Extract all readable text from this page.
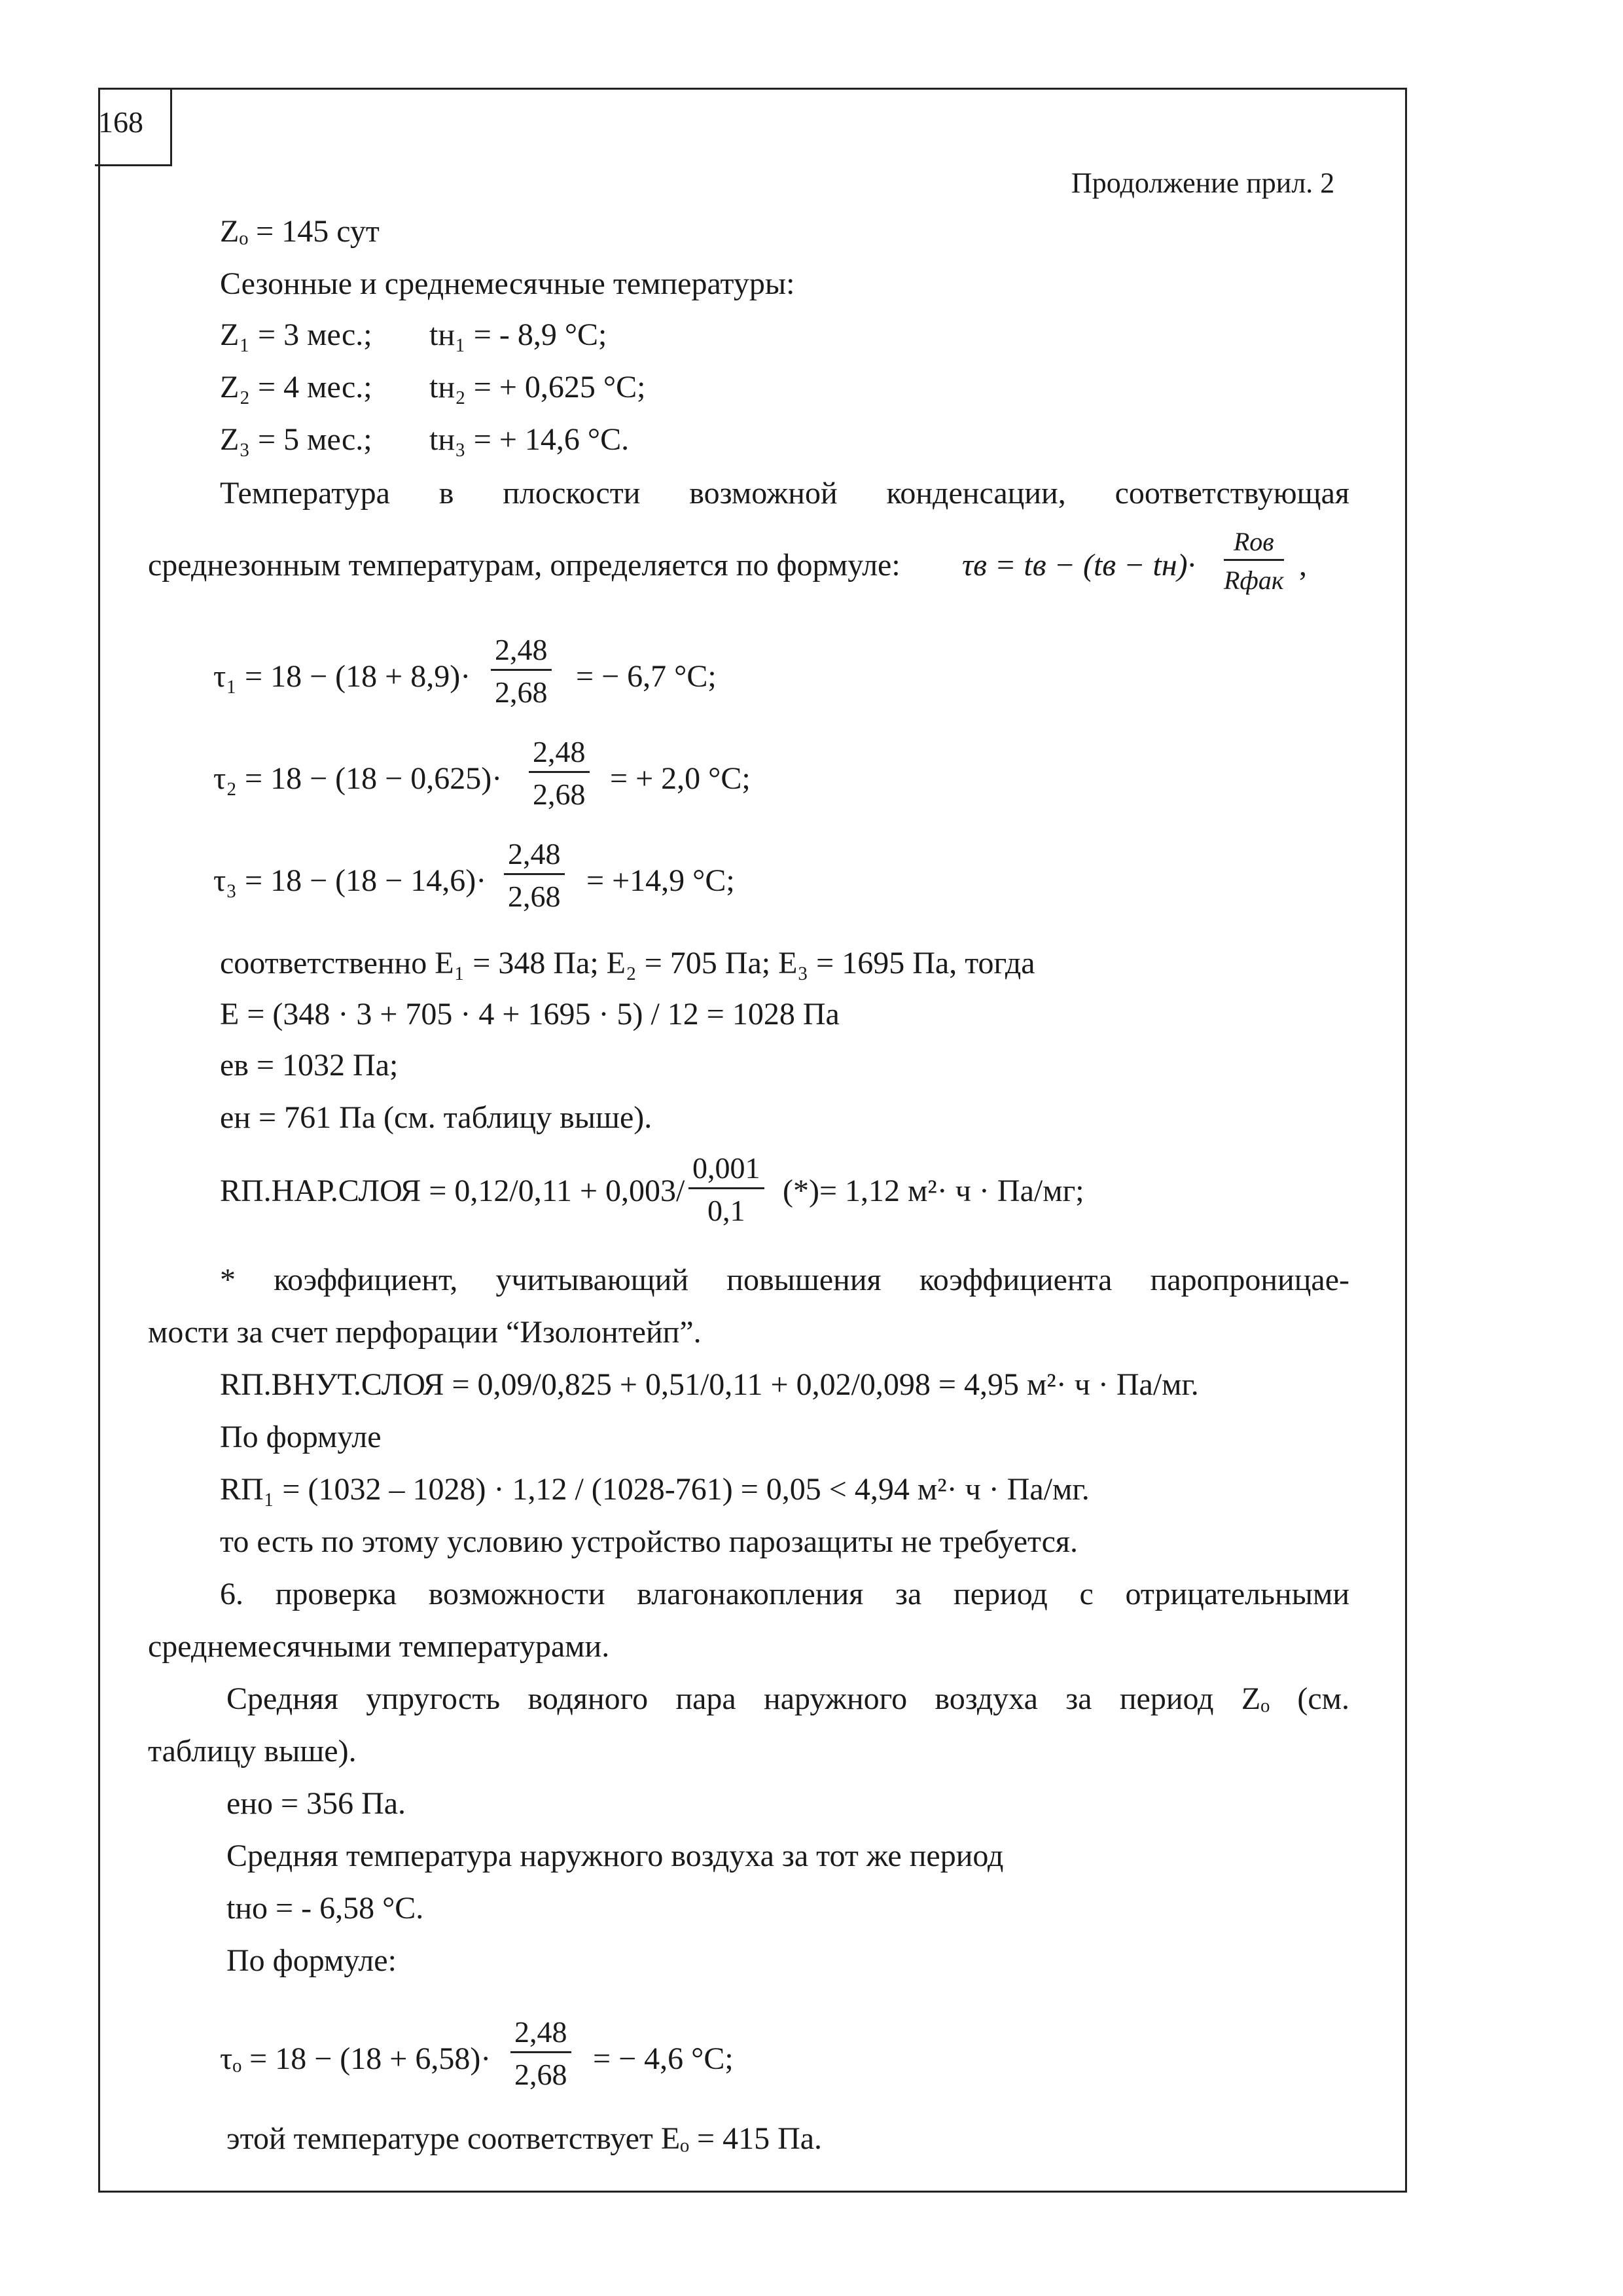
168
Продолжение прил. 2
Zₒ = 145 сут
Сезонные и среднемесячные температуры:
Z₁ = 3 мес.; tн₁ = - 8,9 °С;
Z₂ = 4 мес.; tн₂ = + 0,625 °С;
Z₃ = 5 мес.; tн₃ = + 14,6 °С.
Температура в плоскости возможной конденсации, соответствующая
среднезонным температурам, определяется по формуле: τв = tв − (tв − tн)·
Rов
Rфак ,
$\tau_1 = 18 - (18 + 8,9)\cdot \frac{2,48}{2,68}$ = − 6,7 °C;
$\tau_2 = 18 - (18 - 0,625)\cdot \frac{2,48}{2,68}$ = + 2,0 °C;
$\tau_3 = 18 - (18 - 14,6)\cdot \frac{2,48}{2,68} = +14,9$ °C;
соответственно E₁ = 348 Па; E₂ = 705 Па; E₃ = 1695 Па, тогда
E = (348 · 3 + 705 · 4 + 1695 · 5) / 12 = 1028 Па
eв = 1032 Па;
eн = 761 Па (см. таблицу выше).
RП.НАР.СЛОЯ = $0,12/0,11 + 0,003/ \frac{0,001}{0,1}$ (*)= 1,12 м²· ч · Па/мг;
* коэффициент, учитывающий повышения коэффициента паропроницае-
мости за счет перфорации “Изолонтейп”.
RП.ВНУТ.СЛОЯ = 0,09/0,825 + 0,51/0,11 + 0,02/0,098 = 4,95 м²· ч · Па/мг.
По формуле
RП₁ = (1032 – 1028) · 1,12 / (1028-761) = 0,05 < 4,94 м²· ч · Па/мг.
то есть по этому условию устройство парозащиты не требуется.
6. проверка возможности влагонакопления за период с отрицательными
среднемесячными температурами.
Средняя упругость водяного пара наружного воздуха за период Zₒ (см.
таблицу выше).
eно = 356 Па.
Средняя температура наружного воздуха за тот же период
tно = - 6,58 °С.
По формуле:
$\tau_o = 18 - (18 + 6,58)\cdot \frac{2,48}{2,68}$ = − 4,6 °C;
этой температуре соответствует Eₒ = 415 Па.
